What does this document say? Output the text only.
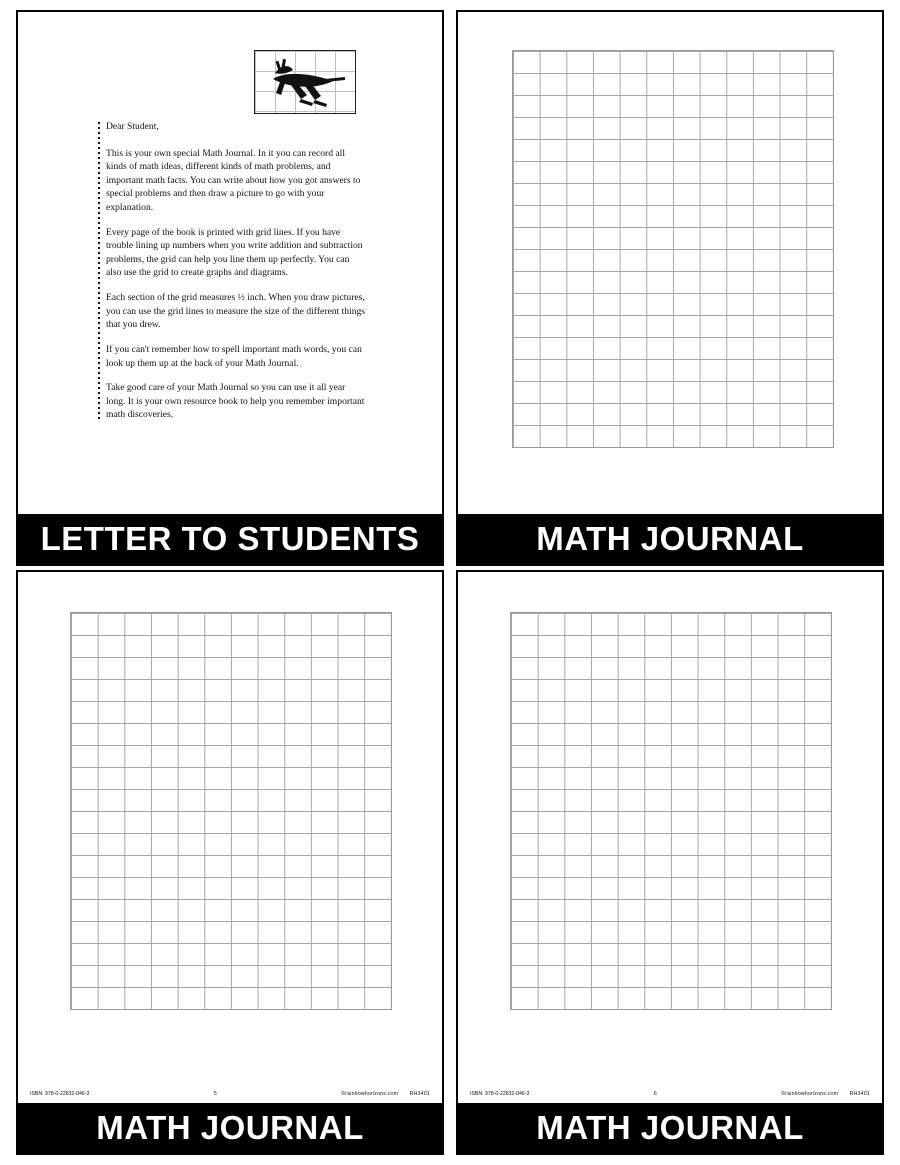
Dear Student,

This is your own special Math Journal. In it you can record all kinds of math ideas, different kinds of math problems, and important math facts. You can write about how you got answers to special problems and then draw a picture to go with your explanation.

Every page of the book is printed with grid lines. If you have trouble lining up numbers when you write addition and subtraction problems, the grid can help you line them up perfectly. You can also use the grid to create graphs and diagrams.

Each section of the grid measures ½ inch. When you draw pictures, you can use the grid lines to measure the size of the different things that you drew.

If you can't remember how to spell important math words, you can look up them up at the back of your Math Journal.

Take good care of your Math Journal so you can use it all year long. It is your own resource book to help you remember important math discoveries.

LETTER TO STUDENTS	MATH JOURNAL
ISBN: 978-0-22832-046-3	5	©rainbowhorizons.com RH3401
MATH JOURNAL
ISBN: 978-0-22832-046-3	6	©rainbowhorizons.com RH3401
MATH JOURNAL
